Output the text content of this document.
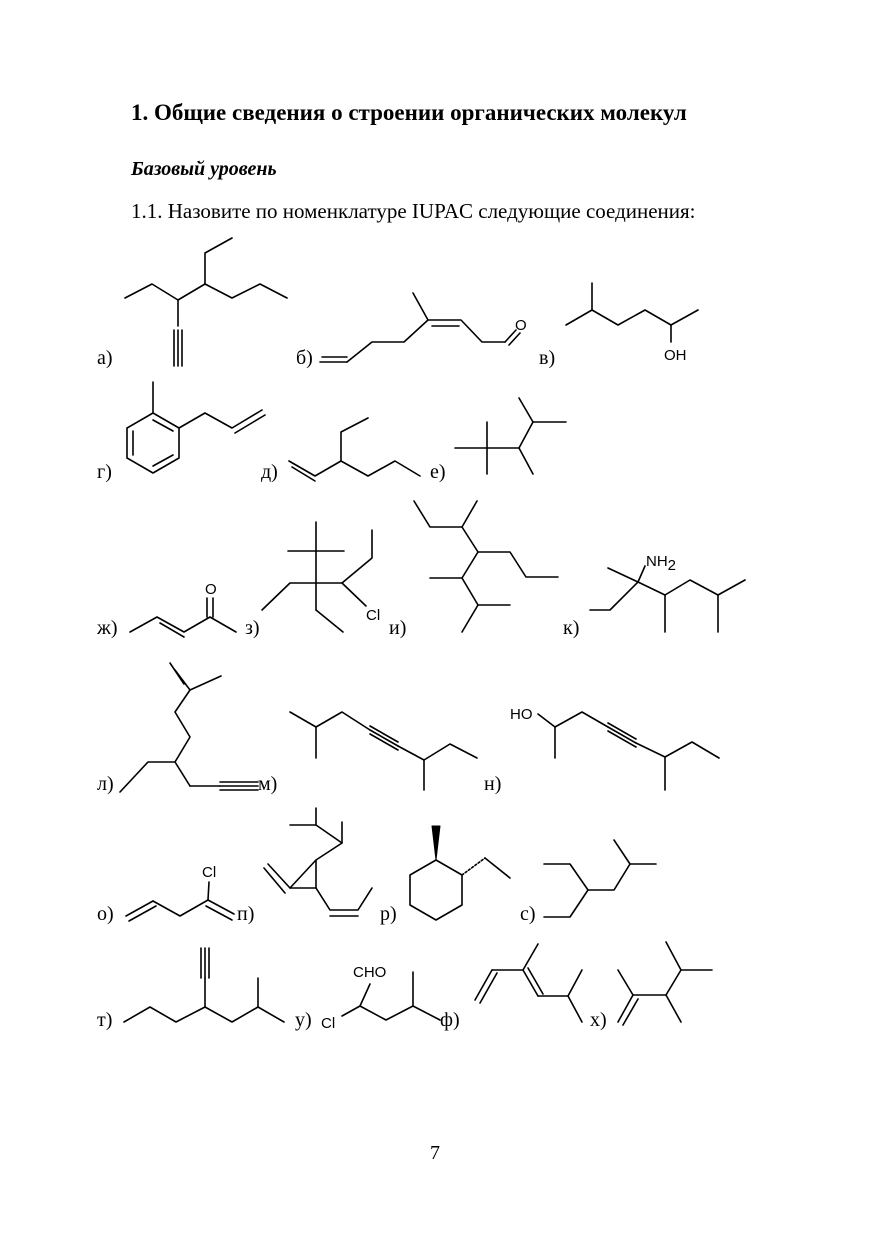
1. Общие сведения о строении органических молекул
Базовый уровень
1.1. Назовите по номенклатуре IUPAC следующие соединения:
а)	б)
O
в)	OH
г)	д)	е)
ж)
O
з)
Cl
и)	к)
NH2
л)	м)	н)
HO
о)
Cl
п)	р)	с)
т)	у) Cl
CHO
ф)	х)
7
